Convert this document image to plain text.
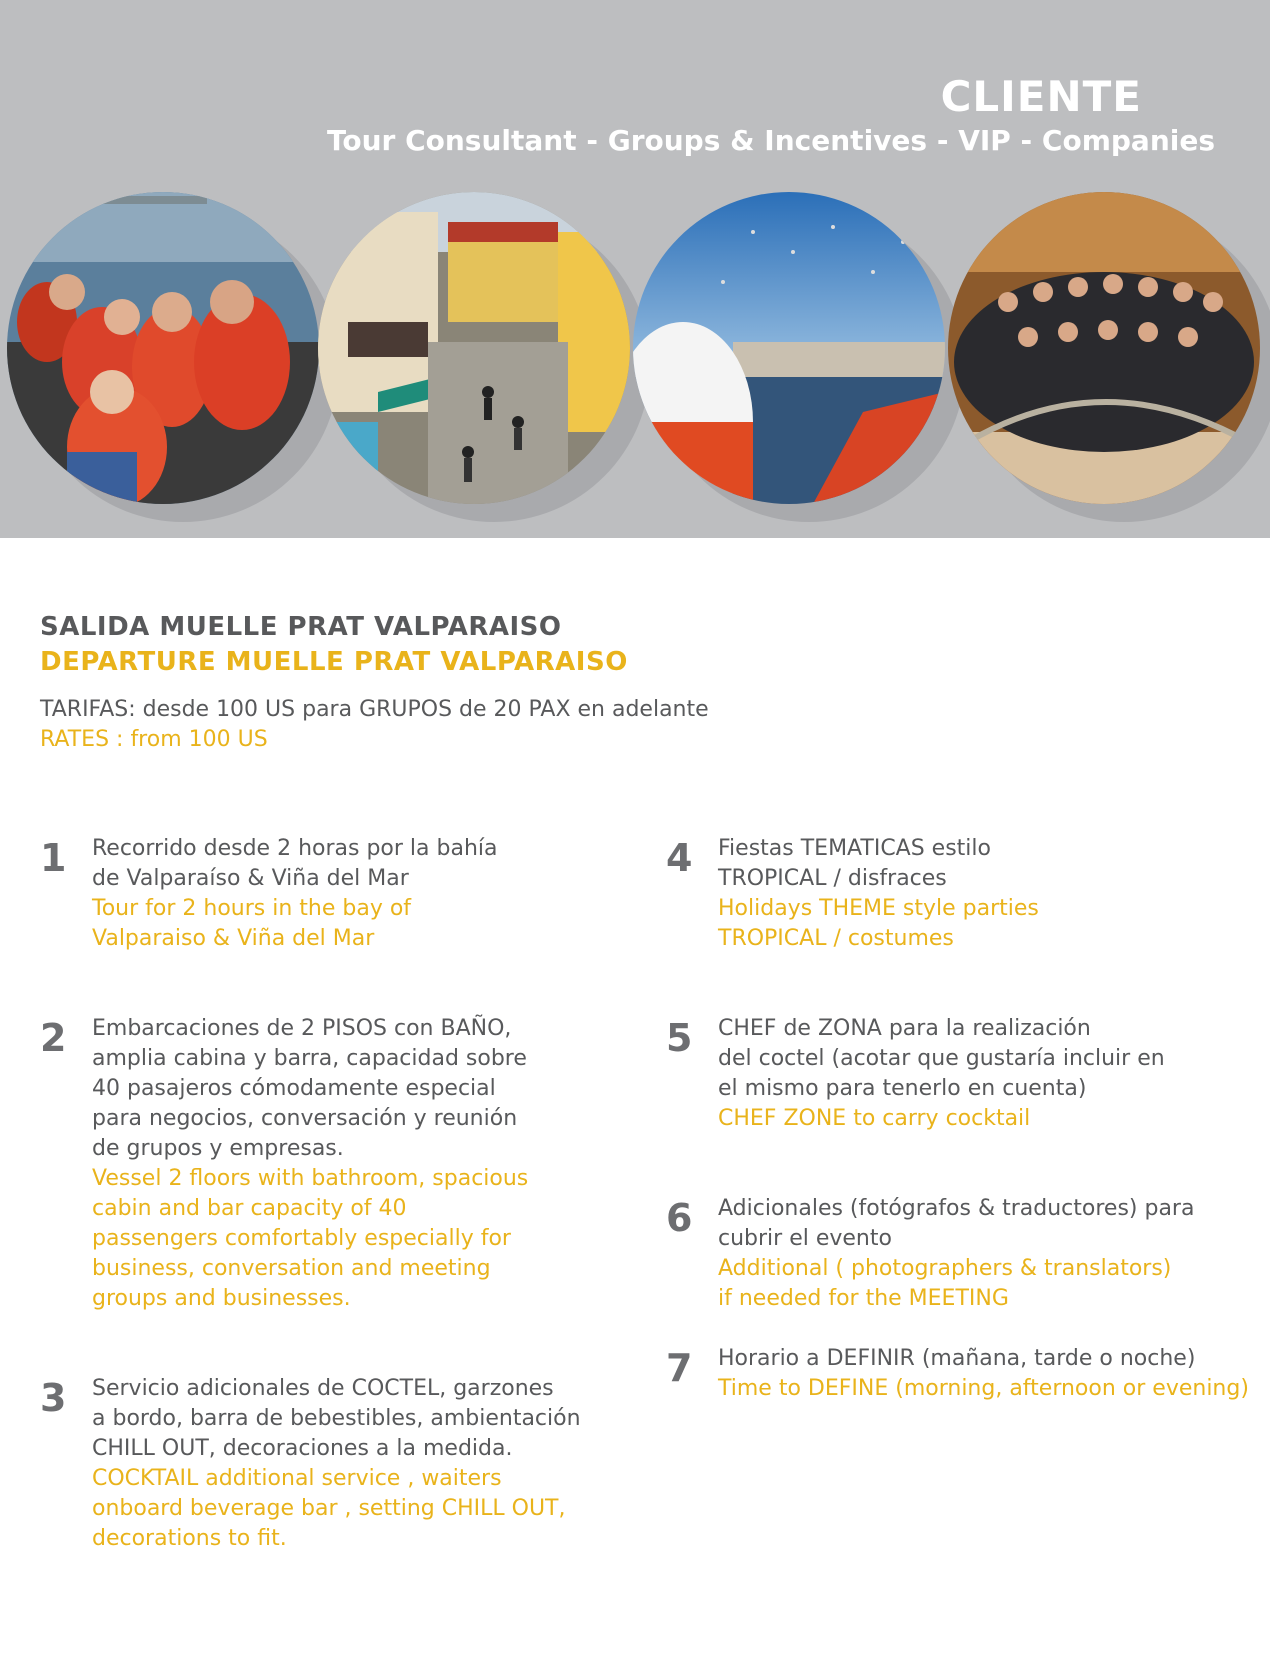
CLIENTE
Tour Consultant - Groups & Incentives - VIP - Companies
SALIDA MUELLE PRAT VALPARAISO
DEPARTURE MUELLE PRAT VALPARAISO

TARIFAS: desde 100 US para GRUPOS de 20 PAX en adelante

RATES : from 100 US

1	Recorrido desde 2 horas por la bahía
de Valparaíso & Viña del Mar

Tour for 2 hours in the bay of
Valparaiso & Viña del Mar

2	Embarcaciones de 2 PISOS con BAÑO,
amplia cabina y barra, capacidad sobre
40 pasajeros cómodamente especial
para negocios, conversación y reunión
de grupos y empresas.

Vessel 2 floors with bathroom, spacious
cabin and bar capacity of 40
passengers comfortably especially for
business, conversation and meeting
groups and businesses.

3	Servicio adicionales de COCTEL, garzones
a bordo, barra de bebestibles, ambientación
CHILL OUT, decoraciones a la medida.

COCKTAIL additional service , waiters
onboard beverage bar , setting CHILL OUT,
decorations to fit.

4	Fiestas TEMATICAS estilo
TROPICAL / disfraces

Holidays THEME style parties
TROPICAL / costumes

5	CHEF de ZONA para la realización
del coctel (acotar que gustaría incluir en
el mismo para tenerlo en cuenta)

CHEF ZONE to carry cocktail

6	Adicionales (fotógrafos & traductores) para
cubrir el evento

Additional ( photographers & translators)
if needed for the MEETING

7	Horario a DEFINIR (mañana, tarde o noche)

Time to DEFINE (morning, afternoon or evening)
